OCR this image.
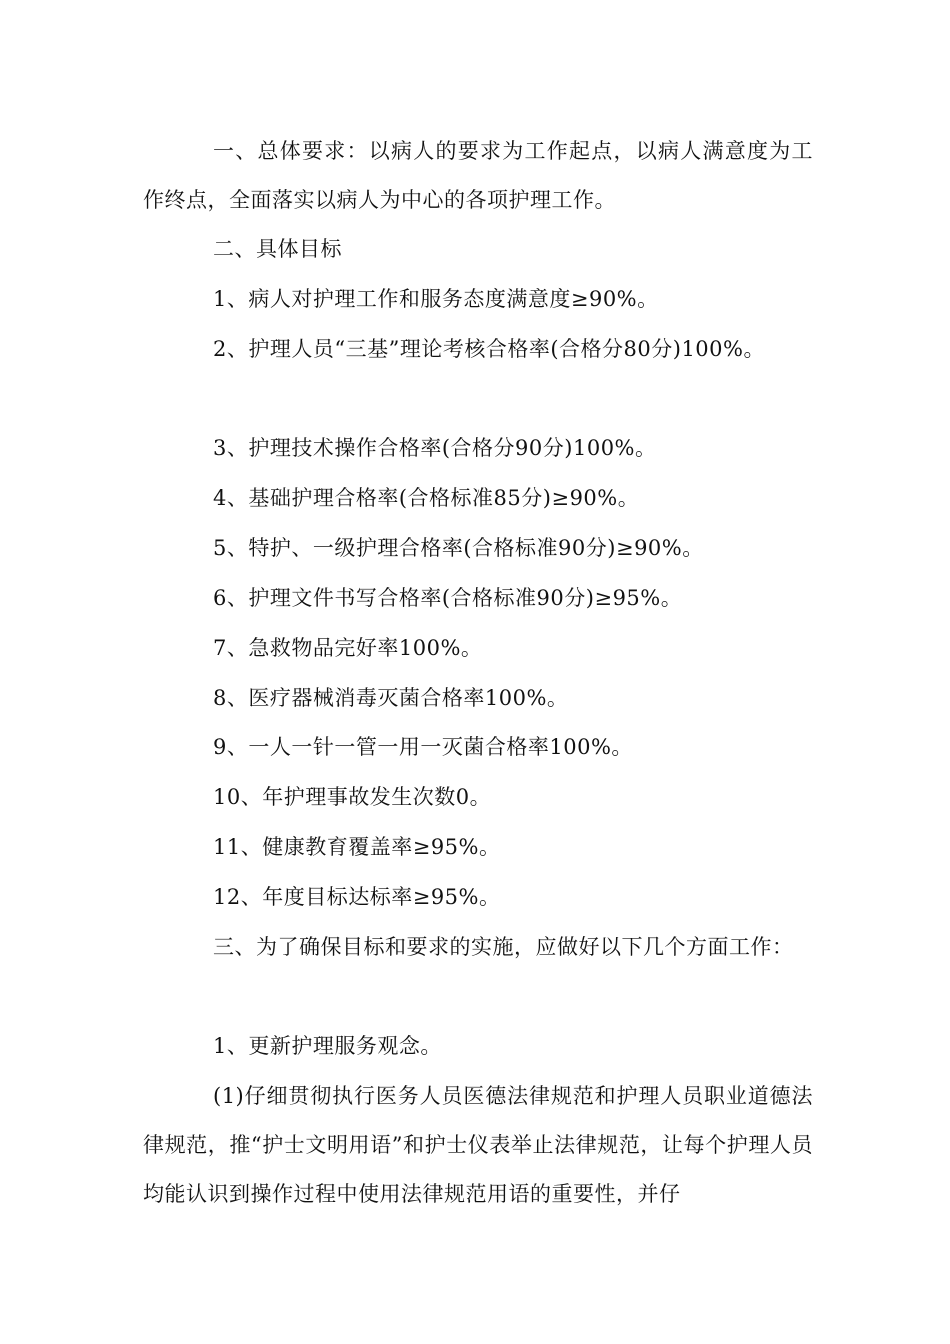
一、总体要求：以病人的要求为工作起点，以病人满意度为工作终点，全面落实以病人为中心的各项护理工作。

二、具体目标

1、病人对护理工作和服务态度满意度≥90%。

2、护理人员“三基”理论考核合格率(合格分80分)100%。

3、护理技术操作合格率(合格分90分)100%。

4、基础护理合格率(合格标准85分)≥90%。

5、特护、一级护理合格率(合格标准90分)≥90%。

6、护理文件书写合格率(合格标准90分)≥95%。

7、急救物品完好率100%。

8、医疗器械消毒灭菌合格率100%。

9、一人一针一管一用一灭菌合格率100%。

10、年护理事故发生次数0。

11、健康教育覆盖率≥95%。

12、年度目标达标率≥95%。

三、为了确保目标和要求的实施，应做好以下几个方面工作：

1、更新护理服务观念。

(1)仔细贯彻执行医务人员医德法律规范和护理人员职业道德法律规范，推“护士文明用语”和护士仪表举止法律规范，让每个护理人员均能认识到操作过程中使用法律规范用语的重要性，并仔
